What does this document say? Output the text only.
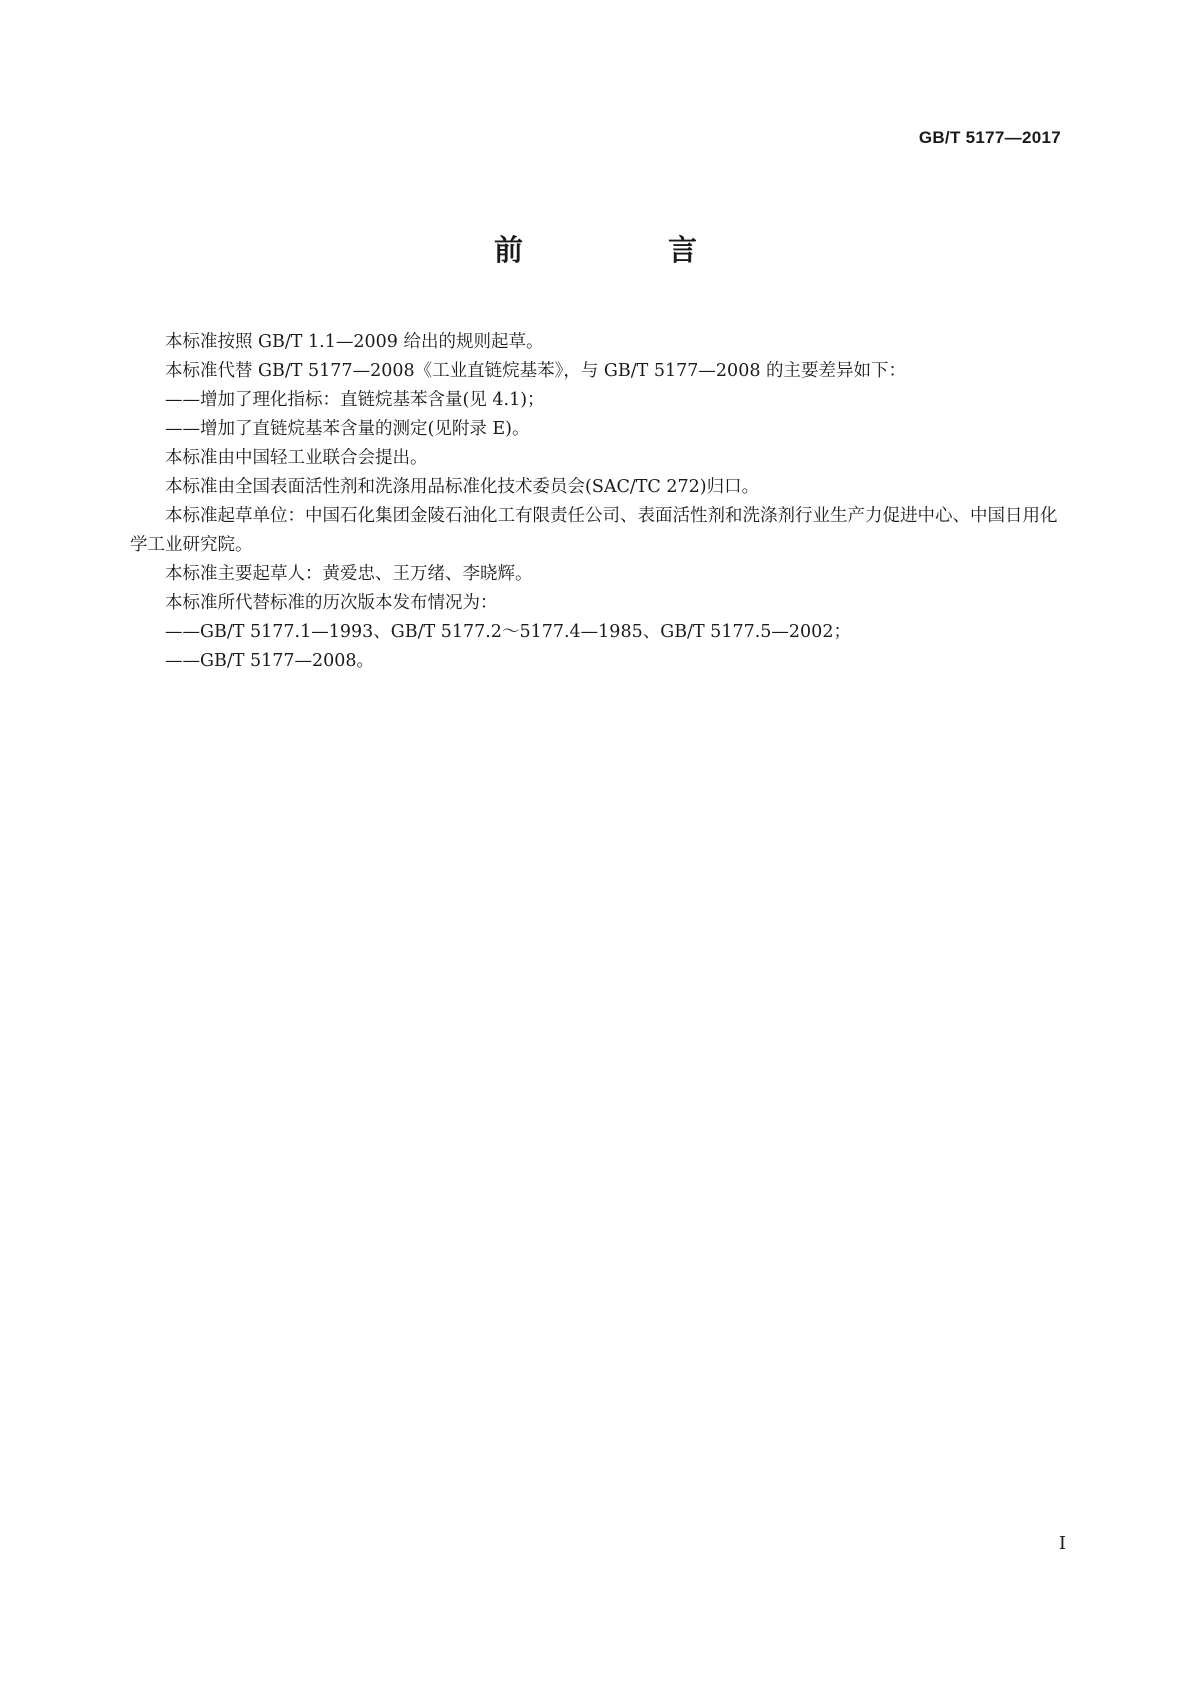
GB/T 5177—2017
前　言

本标准按照 GB/T 1.1—2009 给出的规则起草。

本标准代替 GB/T 5177—2008《工业直链烷基苯》，与 GB/T 5177—2008 的主要差异如下：

——增加了理化指标：直链烷基苯含量(见 4.1)；

——增加了直链烷基苯含量的测定(见附录 E)。

本标准由中国轻工业联合会提出。

本标准由全国表面活性剂和洗涤用品标准化技术委员会(SAC/TC 272)归口。

本标准起草单位：中国石化集团金陵石油化工有限责任公司、表面活性剂和洗涤剂行业生产力促进中心、中国日用化学工业研究院。

本标准主要起草人：黄爱忠、王万绪、李晓辉。

本标准所代替标准的历次版本发布情况为：

——GB/T 5177.1—1993、GB/T 5177.2～5177.4—1985、GB/T 5177.5—2002；

——GB/T 5177—2008。

I
